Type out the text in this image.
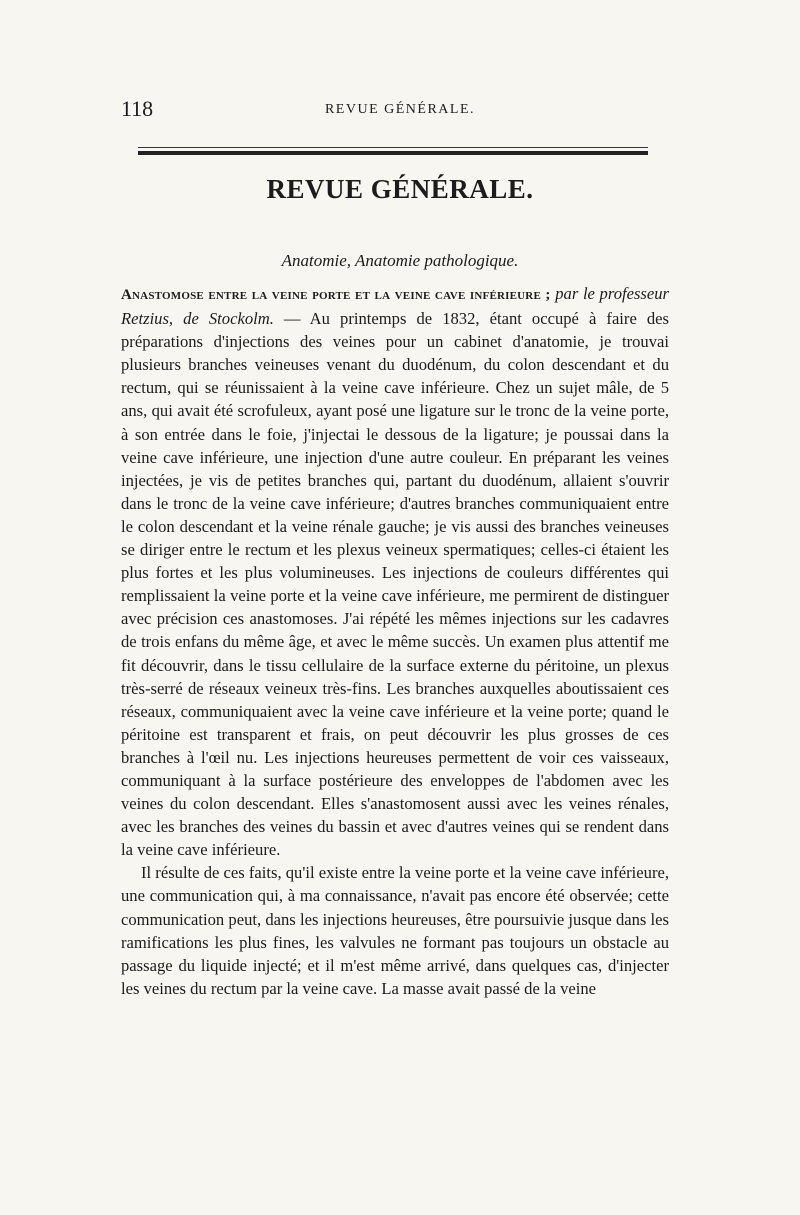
118	REVUE GÉNÉRALE.
REVUE GÉNÉRALE.
Anatomie, Anatomie pathologique.

Anastomose entre la veine porte et la veine cave inférieure ; par le professeur Retzius, de Stockolm. — Au printemps de 1832, étant occupé à faire des préparations d'injections des veines pour un cabinet d'anatomie, je trouvai plusieurs branches veineuses venant du duodénum, du colon descendant et du rectum, qui se réunissaient à la veine cave inférieure. Chez un sujet mâle, de 5 ans, qui avait été scrofuleux, ayant posé une ligature sur le tronc de la veine porte, à son entrée dans le foie, j'injectai le dessous de la ligature; je poussai dans la veine cave inférieure, une injection d'une autre couleur. En préparant les veines injectées, je vis de petites branches qui, partant du duodénum, allaient s'ouvrir dans le tronc de la veine cave inférieure; d'autres branches communiquaient entre le colon descendant et la veine rénale gauche; je vis aussi des branches veineuses se diriger entre le rectum et les plexus veineux spermatiques; celles-ci étaient les plus fortes et les plus volumineuses. Les injections de couleurs différentes qui remplissaient la veine porte et la veine cave inférieure, me permirent de distinguer avec précision ces anastomoses. J'ai répété les mêmes injections sur les cadavres de trois enfans du même âge, et avec le même succès. Un examen plus attentif me fit découvrir, dans le tissu cellulaire de la surface externe du péritoine, un plexus très-serré de réseaux veineux très-fins. Les branches auxquelles aboutissaient ces réseaux, communiquaient avec la veine cave inférieure et la veine porte; quand le péritoine est transparent et frais, on peut découvrir les plus grosses de ces branches à l'œil nu. Les injections heureuses permettent de voir ces vaisseaux, communiquant à la surface postérieure des enveloppes de l'abdomen avec les veines du colon descendant. Elles s'anastomosent aussi avec les veines rénales, avec les branches des veines du bassin et avec d'autres veines qui se rendent dans la veine cave inférieure.

Il résulte de ces faits, qu'il existe entre la veine porte et la veine cave inférieure, une communication qui, à ma connaissance, n'avait pas encore été observée; cette communication peut, dans les injections heureuses, être poursuivie jusque dans les ramifications les plus fines, les valvules ne formant pas toujours un obstacle au passage du liquide injecté; et il m'est même arrivé, dans quelques cas, d'injecter les veines du rectum par la veine cave. La masse avait passé de la veine
